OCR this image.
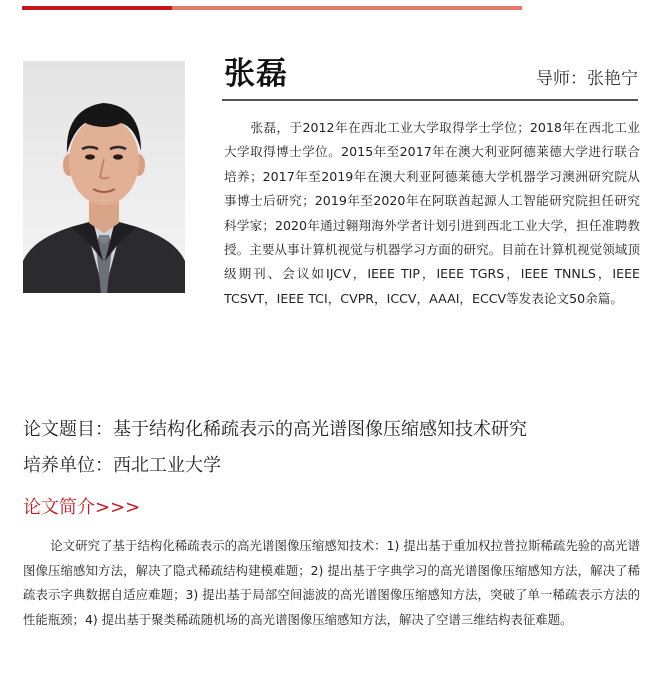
张磊	导师：张艳宁

张磊，于2012年在西北工业大学取得学士学位；2018年在西北工业大学取得博士学位。2015年至2017年在澳大利亚阿德莱德大学进行联合培养；2017年至2019年在澳大利亚阿德莱德大学机器学习澳洲研究院从事博士后研究；2019年至2020年在阿联酋起源人工智能研究院担任研究科学家；2020年通过翱翔海外学者计划引进到西北工业大学，担任准聘教授。主要从事计算机视觉与机器学习方面的研究。目前在计算机视觉领域顶级期刊、会议如IJCV，IEEE TIP，IEEE TGRS，IEEE TNNLS，IEEE TCSVT，IEEE TCI，CVPR，ICCV，AAAI，ECCV等发表论文50余篇。

论文题目：基于结构化稀疏表示的高光谱图像压缩感知技术研究
培养单位：西北工业大学
论文简介>>>

论文研究了基于结构化稀疏表示的高光谱图像压缩感知技术：1) 提出基于重加权拉普拉斯稀疏先验的高光谱图像压缩感知方法，解决了隐式稀疏结构建模难题；2) 提出基于字典学习的高光谱图像压缩感知方法，解决了稀疏表示字典数据自适应难题；3) 提出基于局部空间滤波的高光谱图像压缩感知方法，突破了单一稀疏表示方法的性能瓶颈；4) 提出基于聚类稀疏随机场的高光谱图像压缩感知方法，解决了空谱三维结构表征难题。
